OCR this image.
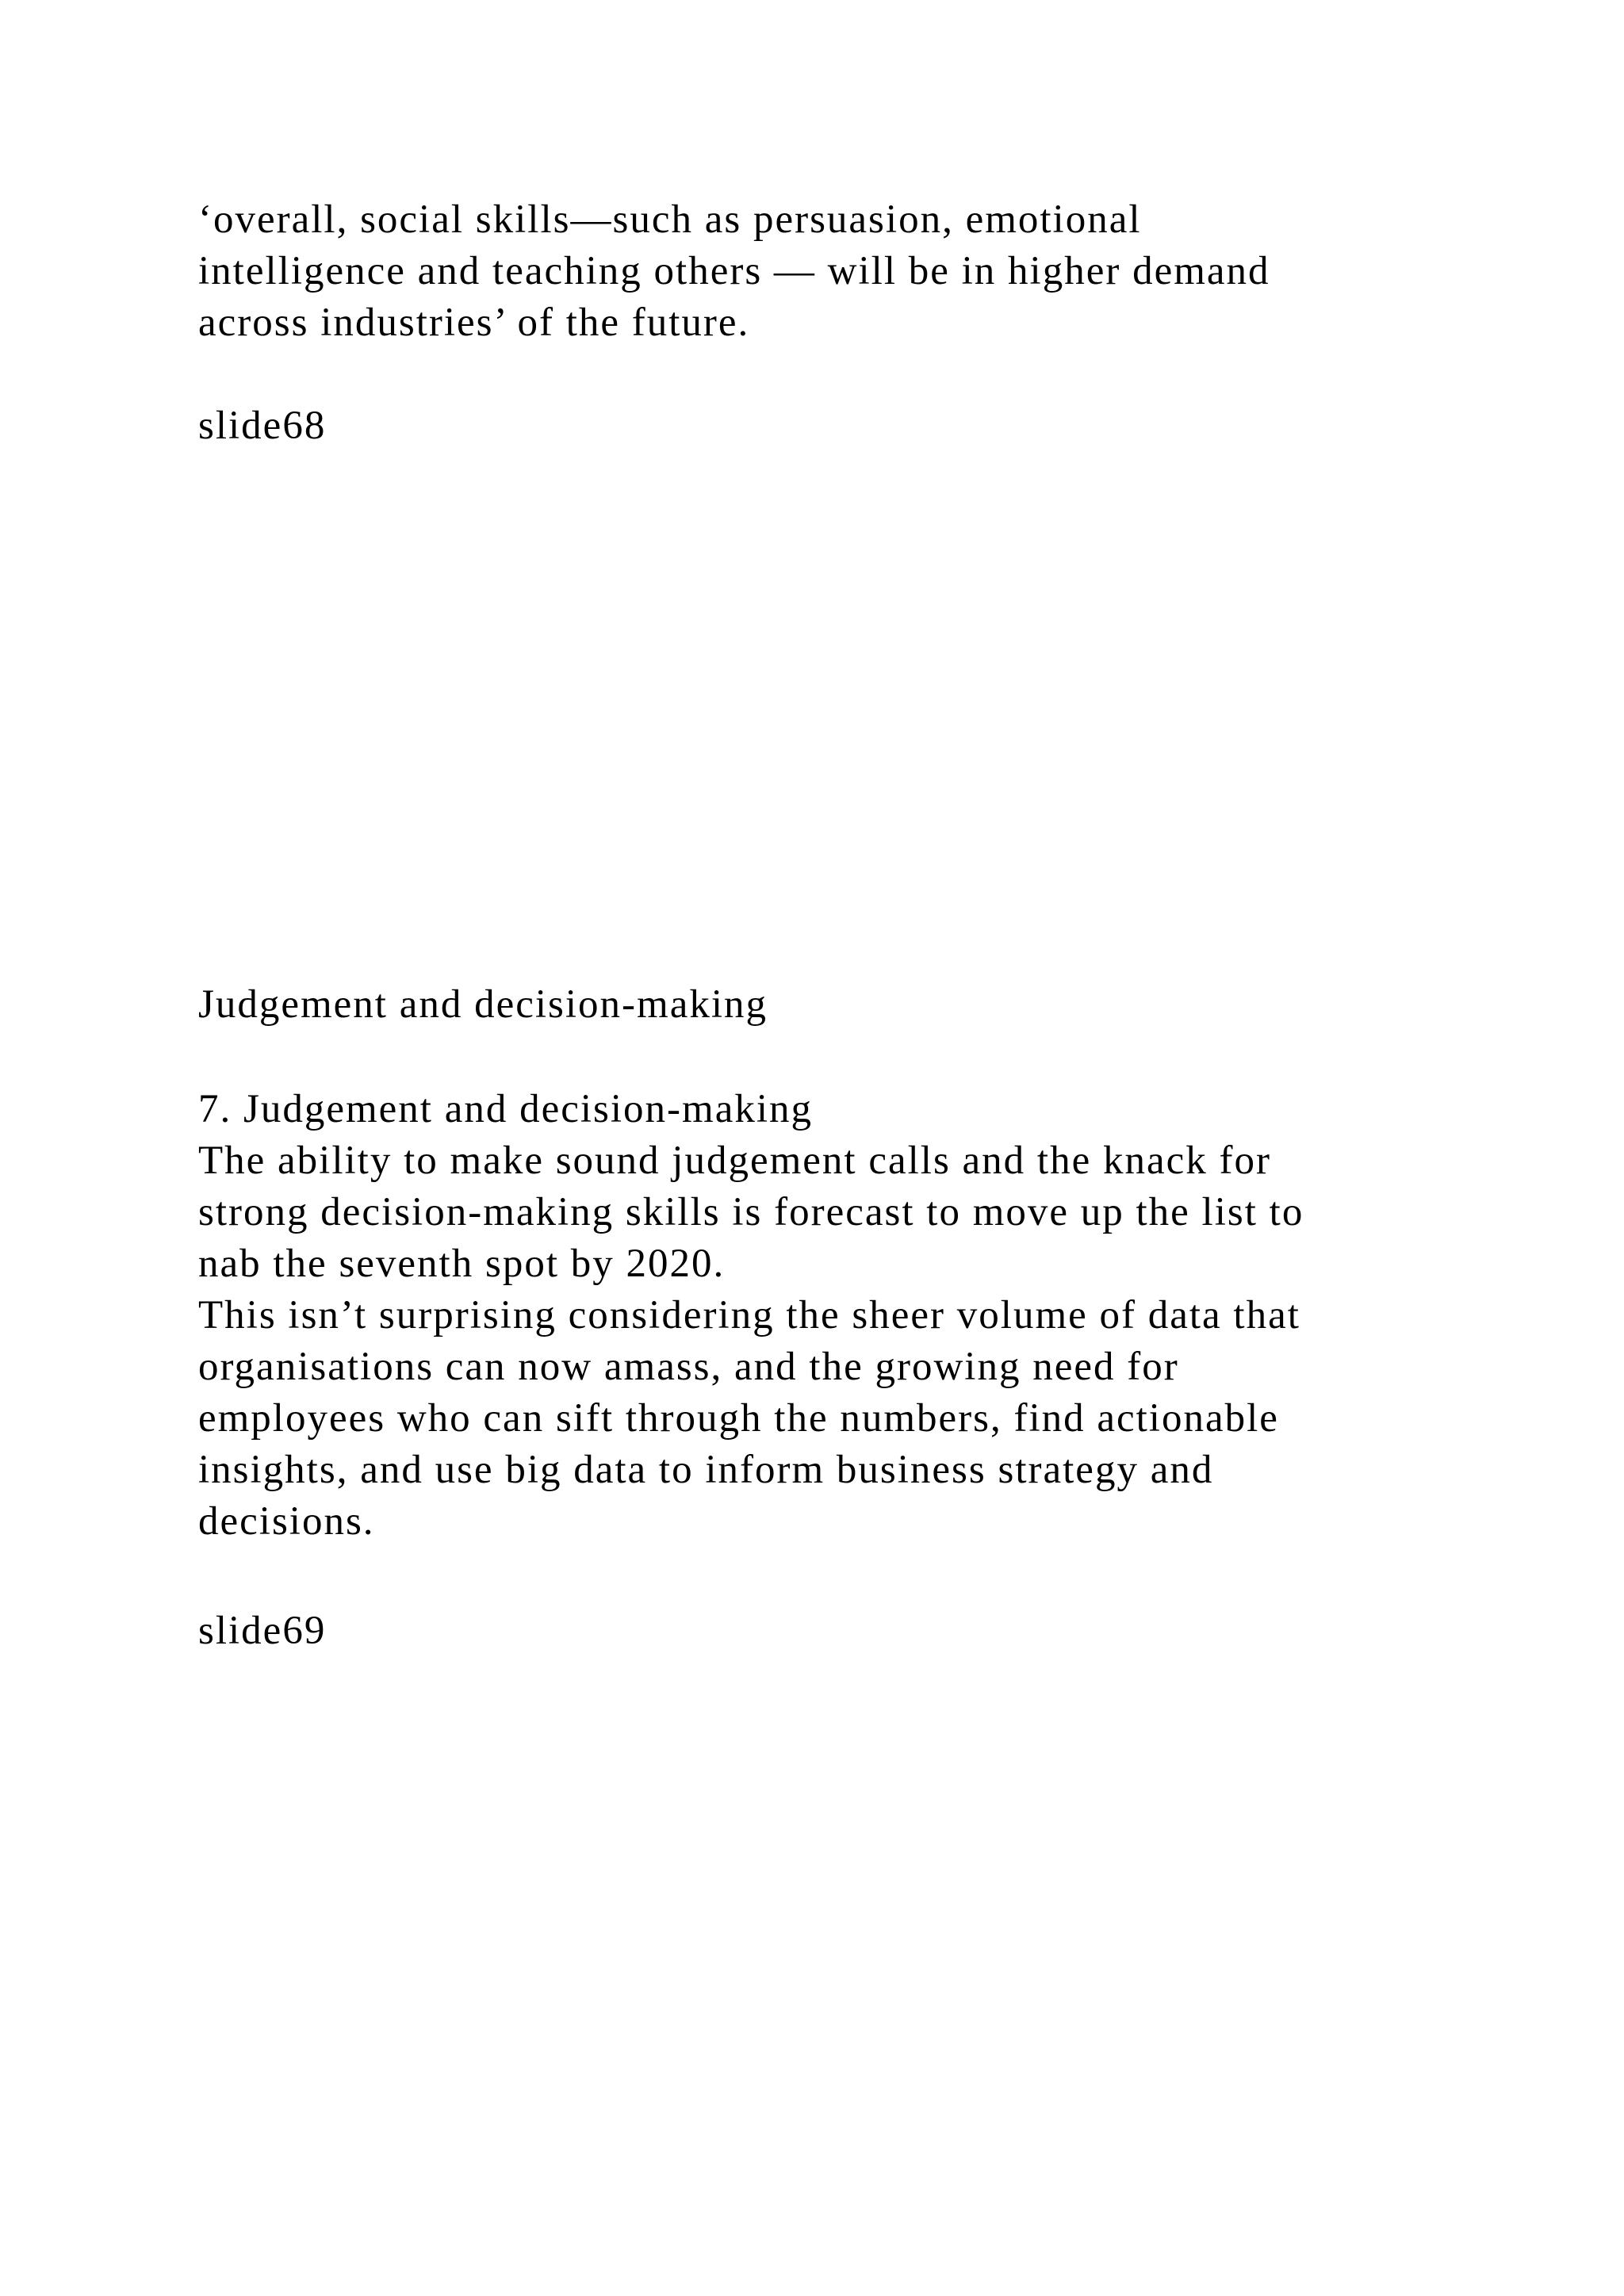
‘overall, social skills—such as persuasion, emotional
intelligence and teaching others — will be in higher demand
across industries’ of the future.

slide68

Judgement and decision-making

7. Judgement and decision-making
The ability to make sound judgement calls and the knack for
strong decision-making skills is forecast to move up the list to
nab the seventh spot by 2020.
This isn’t surprising considering the sheer volume of data that
organisations can now amass, and the growing need for
employees who can sift through the numbers, find actionable
insights, and use big data to inform business strategy and
decisions.

slide69
